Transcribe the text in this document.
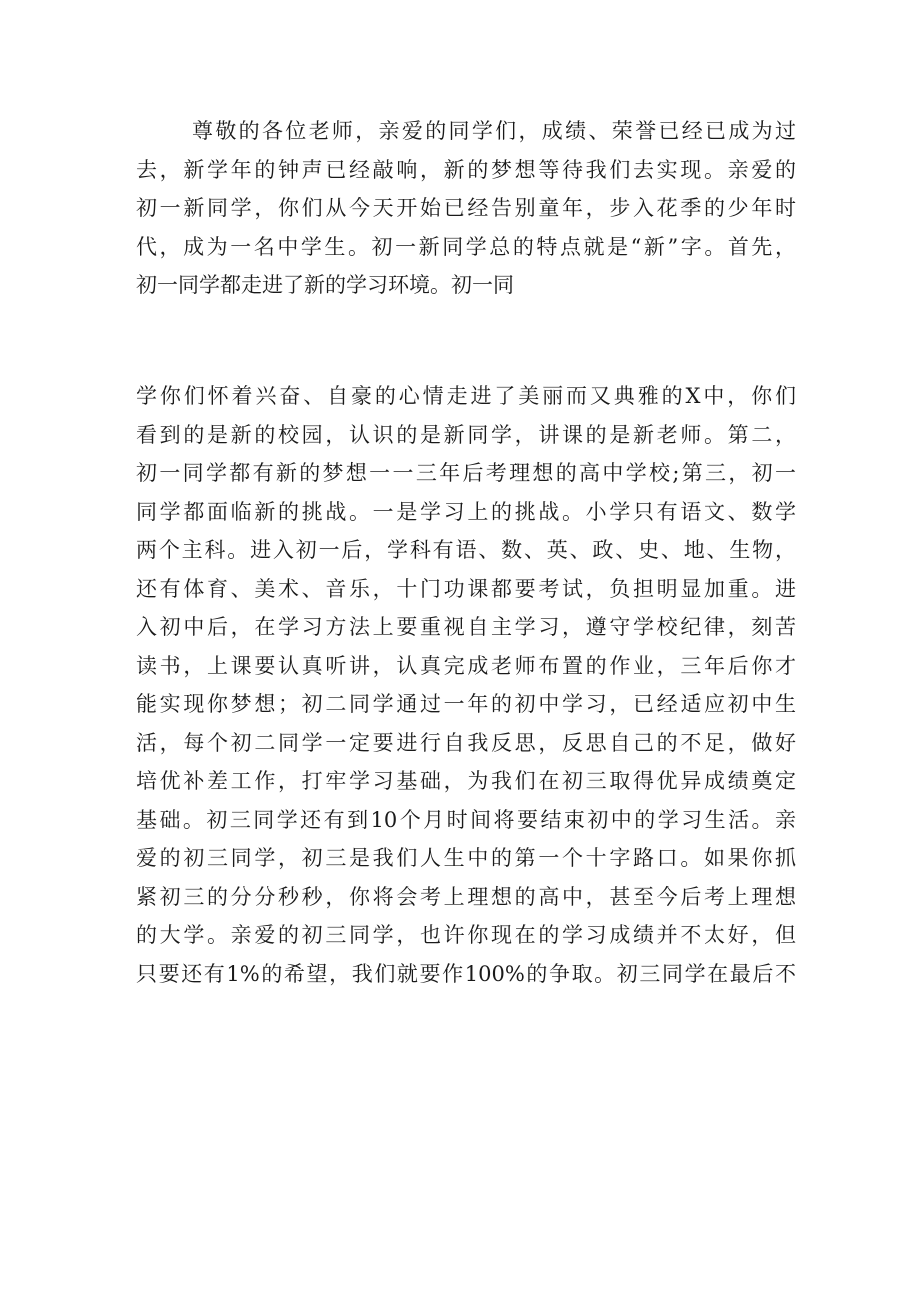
尊敬的各位老师，亲爱的同学们，成绩、荣誉已经已成为过
去，新学年的钟声已经敲响，新的梦想等待我们去实现。亲爱的
初一新同学，你们从今天开始已经告别童年，步入花季的少年时
代，成为一名中学生。初一新同学总的特点就是“新”字。首先，
初一同学都走进了新的学习环境。初一同
学你们怀着兴奋、自豪的心情走进了美丽而又典雅的X中，你们
看到的是新的校园，认识的是新同学，讲课的是新老师。第二，
初一同学都有新的梦想一一三年后考理想的高中学校;第三，初一
同学都面临新的挑战。一是学习上的挑战。小学只有语文、数学
两个主科。进入初一后，学科有语、数、英、政、史、地、生物，
还有体育、美术、音乐，十门功课都要考试，负担明显加重。进
入初中后，在学习方法上要重视自主学习，遵守学校纪律，刻苦
读书，上课要认真听讲，认真完成老师布置的作业，三年后你才
能实现你梦想；初二同学通过一年的初中学习，已经适应初中生
活，每个初二同学一定要进行自我反思，反思自己的不足，做好
培优补差工作，打牢学习基础，为我们在初三取得优异成绩奠定
基础。初三同学还有到10个月时间将要结束初中的学习生活。亲
爱的初三同学，初三是我们人生中的第一个十字路口。如果你抓
紧初三的分分秒秒，你将会考上理想的高中，甚至今后考上理想
的大学。亲爱的初三同学，也许你现在的学习成绩并不太好，但
只要还有1%的希望，我们就要作100%的争取。初三同学在最后不
